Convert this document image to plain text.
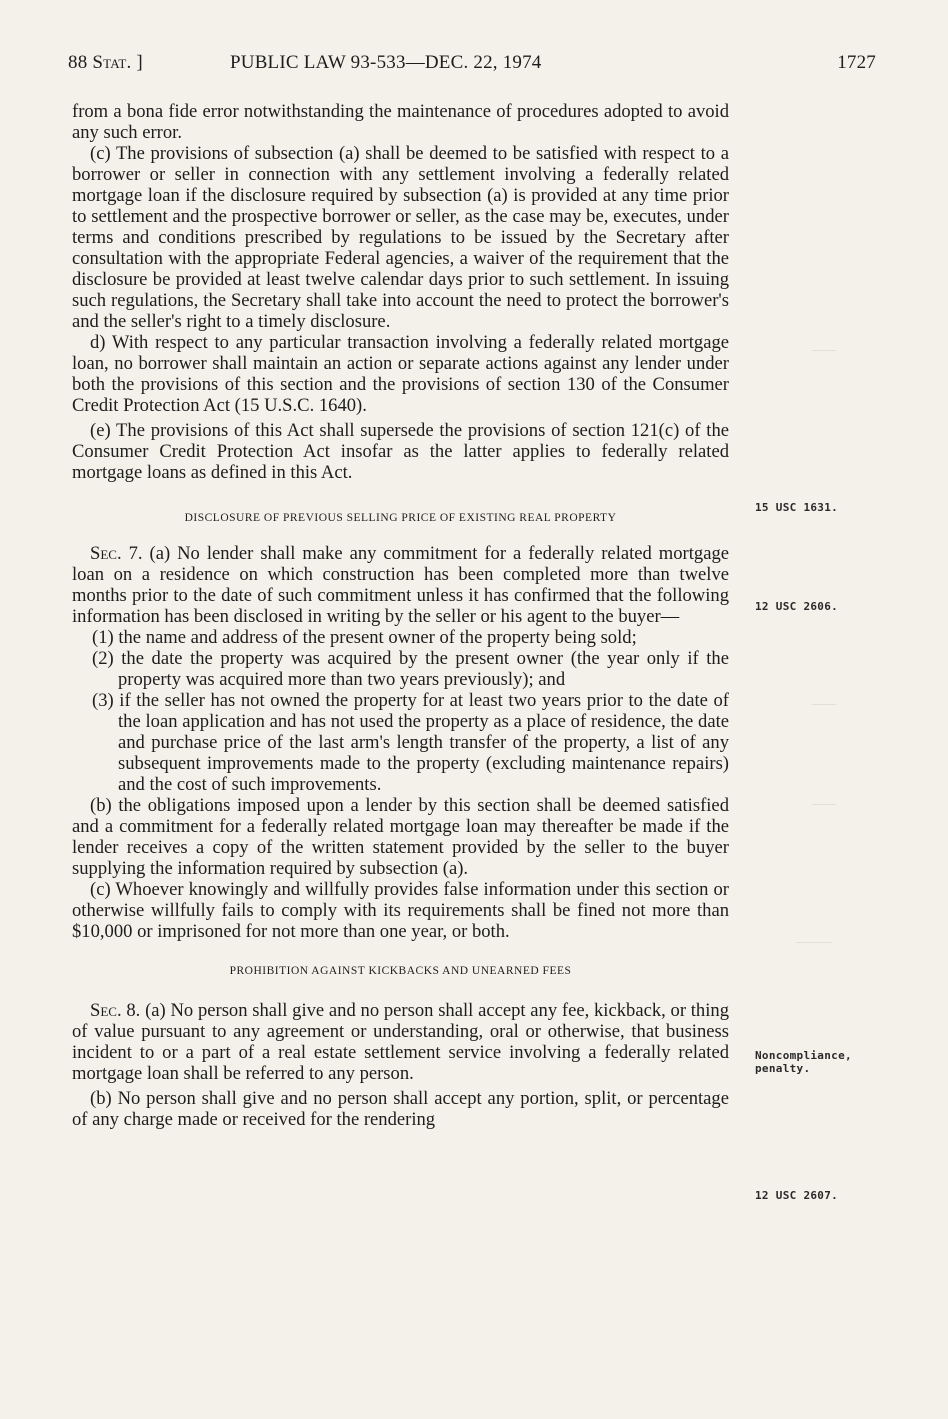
——
——
——
———
88 Stat. ]	PUBLIC LAW 93-533—DEC. 22, 1974	1727

from a bona fide error notwithstanding the maintenance of procedures adopted to avoid any such error.

(c) The provisions of subsection (a) shall be deemed to be satisfied with respect to a borrower or seller in connection with any settlement involving a federally related mortgage loan if the disclosure required by subsection (a) is provided at any time prior to settlement and the prospective borrower or seller, as the case may be, executes, under terms and conditions prescribed by regulations to be issued by the Secretary after consultation with the appropriate Federal agencies, a waiver of the requirement that the disclosure be provided at least twelve calendar days prior to such settlement. In issuing such regulations, the Secretary shall take into account the need to protect the borrower's and the seller's right to a timely disclosure.

d) With respect to any particular transaction involving a federally related mortgage loan, no borrower shall maintain an action or separate actions against any lender under both the provisions of this section and the provisions of section 130 of the Consumer Credit Protection Act (15 U.S.C. 1640).

(e) The provisions of this Act shall supersede the provisions of section 121(c) of the Consumer Credit Protection Act insofar as the latter applies to federally related mortgage loans as defined in this Act.

DISCLOSURE OF PREVIOUS SELLING PRICE OF EXISTING REAL PROPERTY

Sec. 7. (a) No lender shall make any commitment for a federally related mortgage loan on a residence on which construction has been completed more than twelve months prior to the date of such commitment unless it has confirmed that the following information has been disclosed in writing by the seller or his agent to the buyer—

(1) the name and address of the present owner of the property being sold;

(2) the date the property was acquired by the present owner (the year only if the property was acquired more than two years previously); and

(3) if the seller has not owned the property for at least two years prior to the date of the loan application and has not used the property as a place of residence, the date and purchase price of the last arm's length transfer of the property, a list of any subsequent improvements made to the property (excluding maintenance repairs) and the cost of such improvements.

(b) the obligations imposed upon a lender by this section shall be deemed satisfied and a commitment for a federally related mortgage loan may thereafter be made if the lender receives a copy of the written statement provided by the seller to the buyer supplying the information required by subsection (a).

(c) Whoever knowingly and willfully provides false information under this section or otherwise willfully fails to comply with its requirements shall be fined not more than $10,000 or imprisoned for not more than one year, or both.

PROHIBITION AGAINST KICKBACKS AND UNEARNED FEES

Sec. 8. (a) No person shall give and no person shall accept any fee, kickback, or thing of value pursuant to any agreement or understanding, oral or otherwise, that business incident to or a part of a real estate settlement service involving a federally related mortgage loan shall be referred to any person.

(b) No person shall give and no person shall accept any portion, split, or percentage of any charge made or received for the rendering

15 USC 1631.
12 USC 2606.
Noncompliance,
penalty.
12 USC 2607.
